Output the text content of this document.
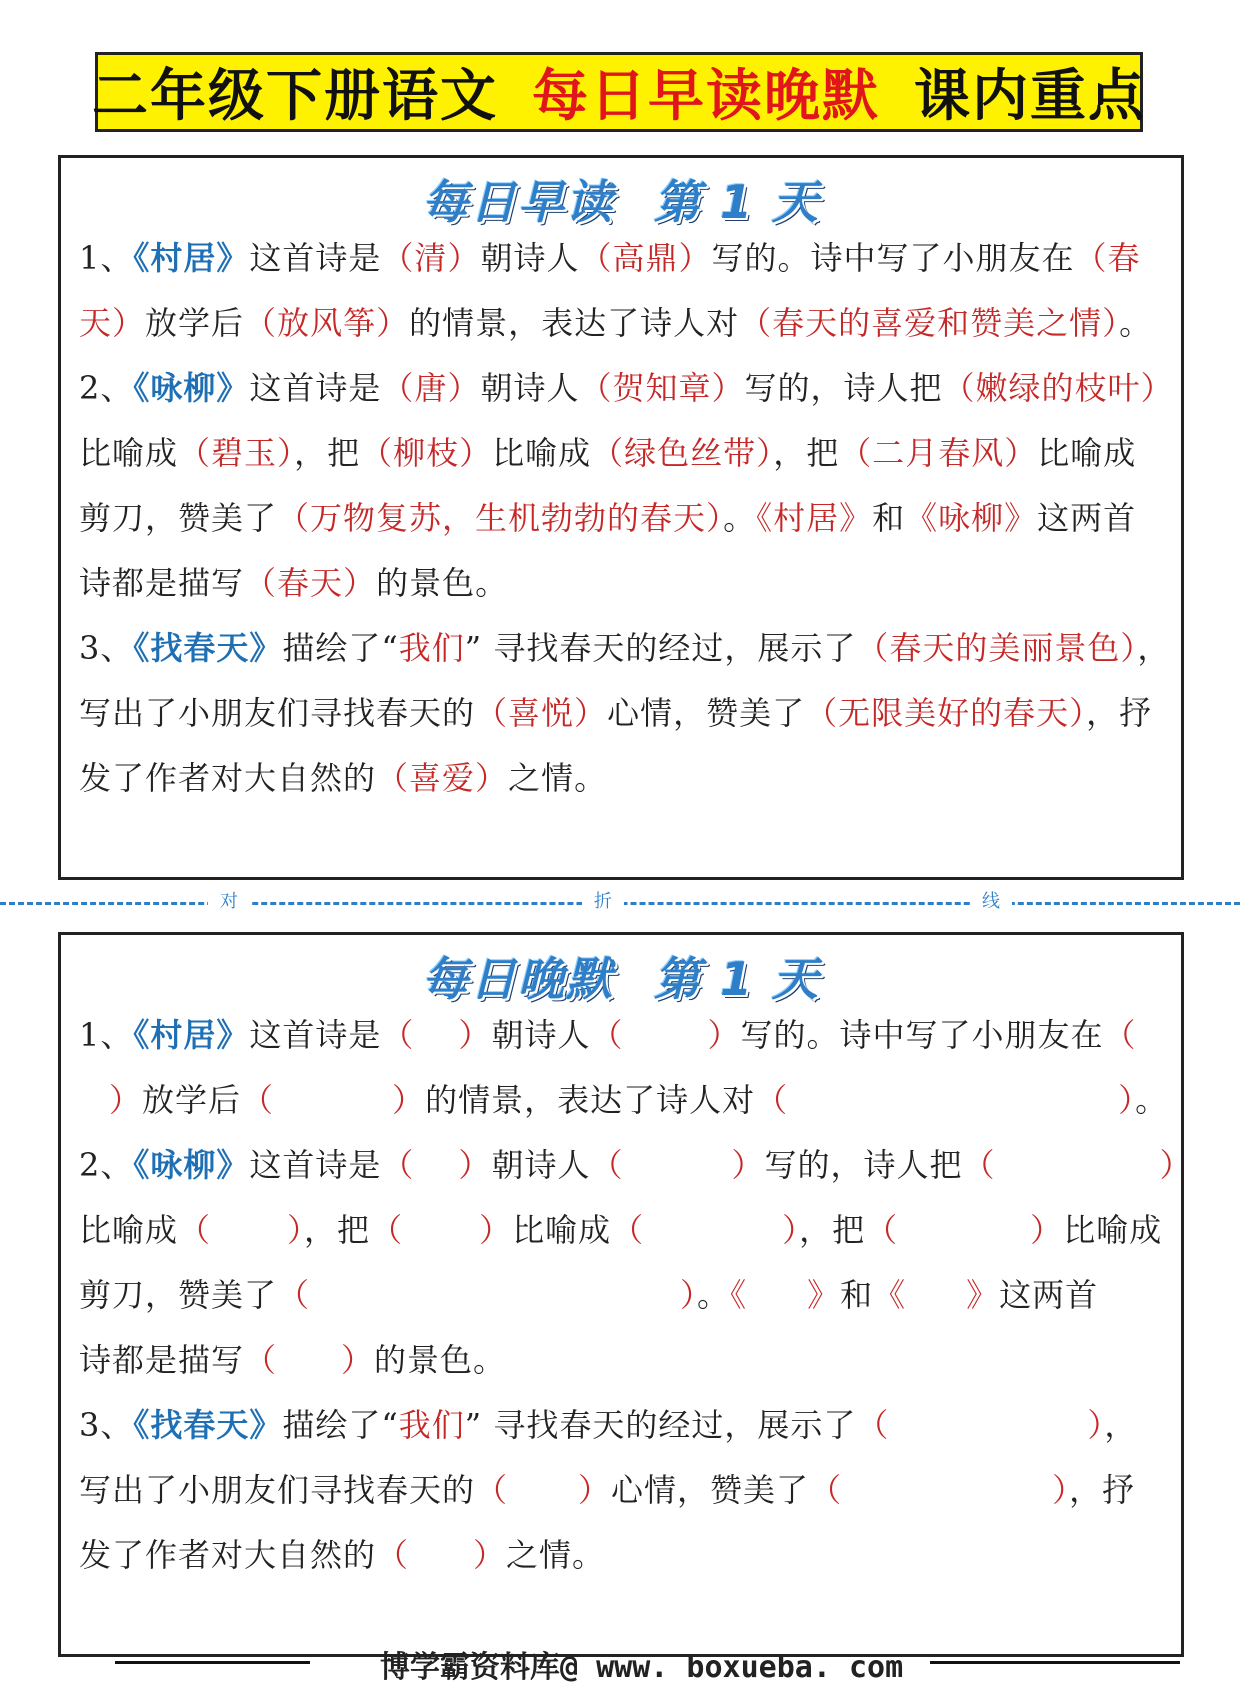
二年级下册语文 每日早读晚默 课内重点
每日早读 第 1 天
1、《村居》这首诗是（清）朝诗人（高鼎）写的。诗中写了小朋友在（春
天）放学后（放风筝）的情景，表达了诗人对（春天的喜爱和赞美之情）。
2、《咏柳》这首诗是（唐）朝诗人（贺知章）写的，诗人把（嫩绿的枝叶）
比喻成（碧玉），把（柳枝）比喻成（绿色丝带），把（二月春风）比喻成
剪刀，赞美了（万物复苏，生机勃勃的春天）。《村居》和《咏柳》这两首
诗都是描写（春天）的景色。
3、《找春天》描绘了“我们” 寻找春天的经过，展示了（春天的美丽景色），
写出了小朋友们寻找春天的（喜悦）心情，赞美了（无限美好的春天），抒
发了作者对大自然的（喜爱）之情。
对	折	线
每日晚默 第 1 天
1、《村居》这首诗是（ ）朝诗人（	）写的。诗中写了小朋友在（
）放学后（	）的情景，表达了诗人对（	）。
2、《咏柳》这首诗是（ ）朝诗人（	）写的，诗人把（	）
比喻成（ ），把（ ）比喻成（	），把（	）比喻成
剪刀，赞美了（	）。《 》和《 》这两首
诗都是描写（ ）的景色。
3、《找春天》描绘了“我们” 寻找春天的经过，展示了（	），
写出了小朋友们寻找春天的（ ）心情，赞美了（	），抒
发了作者对大自然的（ ）之情。
博学霸资料库@ www. boxueba. com
